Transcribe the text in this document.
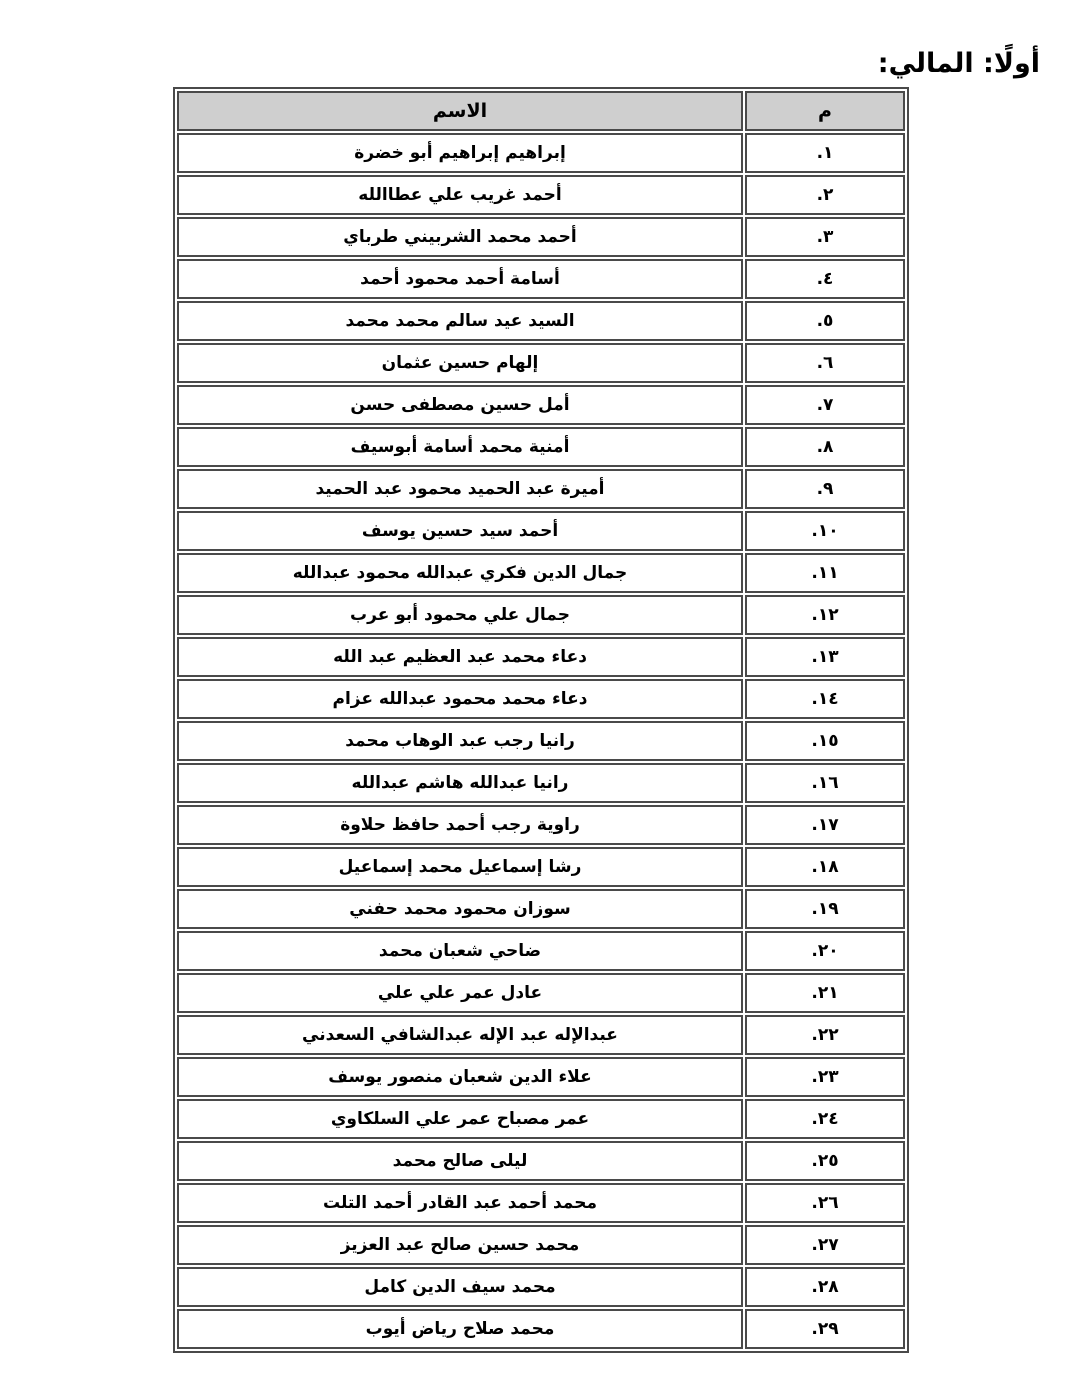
أولًا: المالي:
م	الاسم
١.	إبراهيم إبراهيم أبو خضرة
٢.	أحمد غريب علي عطاالله
٣.	أحمد محمد الشربيني طرباي
٤.	أسامة أحمد محمود أحمد
٥.	السيد عيد سالم محمد محمد
٦.	إلهام حسين عثمان
٧.	أمل حسين مصطفى حسن
٨.	أمنية محمد أسامة أبوسيف
٩.	أميرة عبد الحميد محمود عبد الحميد
١٠.	أحمد سيد حسين يوسف
١١.	جمال الدين فكري عبدالله محمود عبدالله
١٢.	جمال علي محمود أبو عرب
١٣.	دعاء محمد عبد العظيم عبد الله
١٤.	دعاء محمد محمود عبدالله عزام
١٥.	رانيا رجب عبد الوهاب محمد
١٦.	رانيا عبدالله هاشم عبدالله
١٧.	راوية رجب أحمد حافظ حلاوة
١٨.	رشا إسماعيل محمد إسماعيل
١٩.	سوزان محمود محمد حفني
٢٠.	ضاحي شعبان محمد
٢١.	عادل عمر علي علي
٢٢.	عبدالإله عبد الإله عبدالشافي السعدني
٢٣.	علاء الدين شعبان منصور يوسف
٢٤.	عمر مصباح عمر علي السلكاوي
٢٥.	ليلى صالح محمد
٢٦.	محمد أحمد عبد القادر أحمد التلت
٢٧.	محمد حسين صالح عبد العزيز
٢٨.	محمد سيف الدين كامل
٢٩.	محمد صلاح رياض أيوب
